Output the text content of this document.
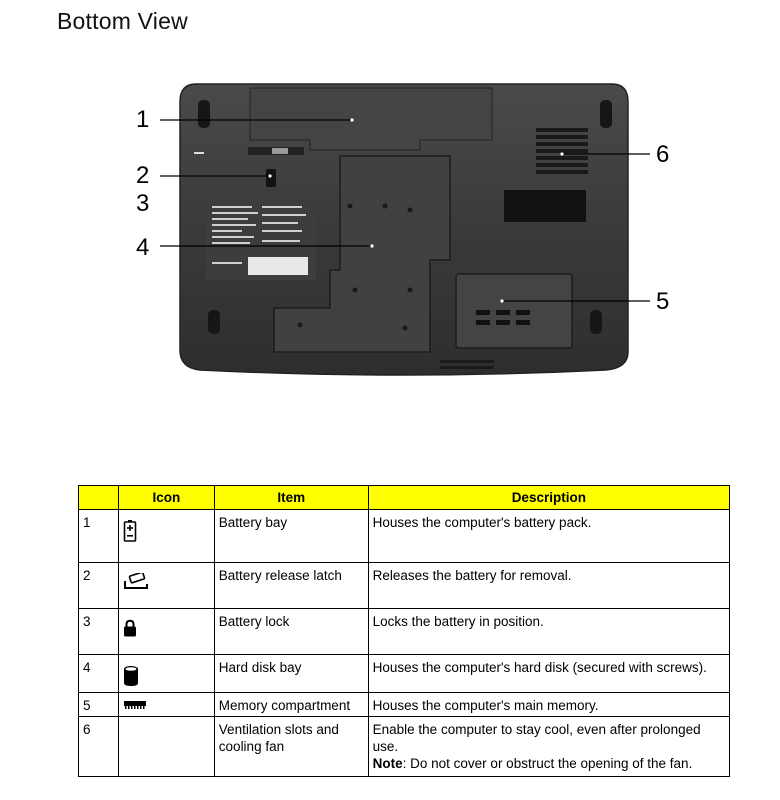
Bottom View
1
2
3
4
5
6
	Icon	Item	Description
1		Battery bay	Houses the computer's battery pack.
2		Battery release latch	Releases the battery for removal.
3		Battery lock	Locks the battery in position.
4		Hard disk bay	Houses the computer's hard disk (secured with screws).
5		Memory compartment	Houses the computer's main memory.
6		Ventilation slots and cooling fan	Enable the computer to stay cool, even after prolonged use.
Note: Do not cover or obstruct the opening of the fan.
